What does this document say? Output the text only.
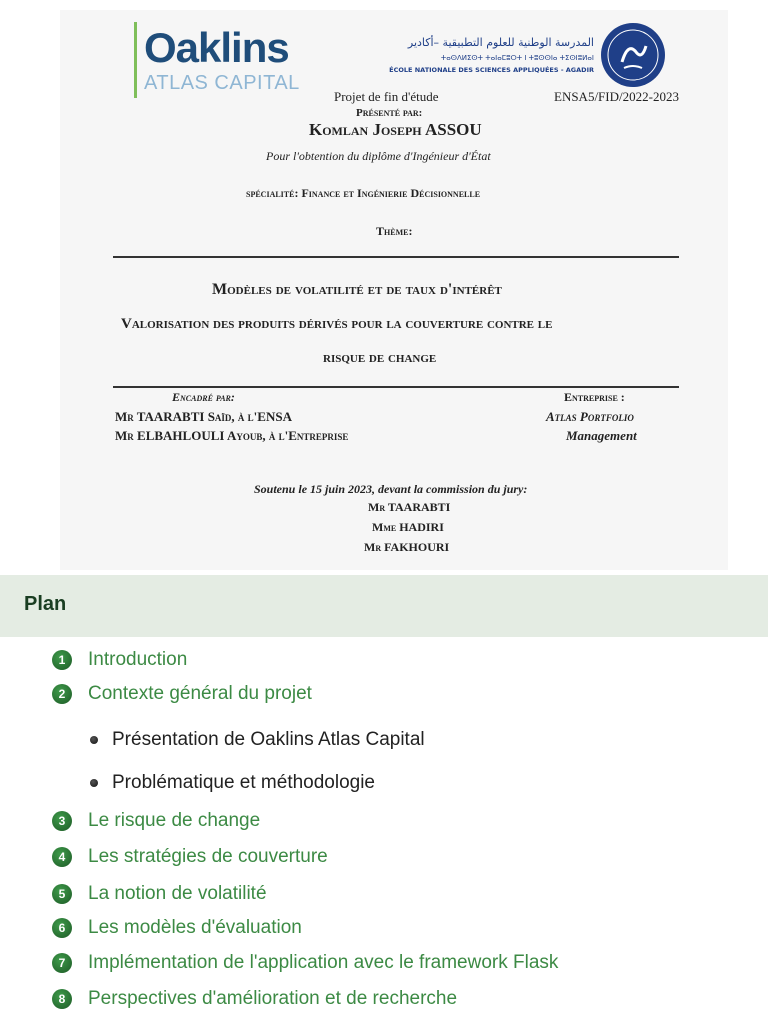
Oaklins
ATLAS CAPITAL
المدرسة الوطنية للعلوم التطبيقية –أكادير
ⵜⴰⵙⴷⵍⵉⵙⵜ ⵜⴰⵏⴰⵎⵓⵔⵜ ⵏ ⵜⵓⵙⵙⵏⴰ ⵜⵉⵙⵏⵓⵍⴰⵏ
ÉCOLE NATIONALE DES SCIENCES APPLIQUÉES - AGADIR
Projet de fin d'étude	ENSA5/FID/2022-2023
Présenté par:
Komlan Joseph ASSOU
Pour l'obtention du diplôme d'Ingénieur d'État
spécialité: Finance et Ingénierie Décisionnelle
Thème:
Modèles de volatilité et de taux d'intérêt
Valorisation des produits dérivés pour la couverture contre le
risque de change
Encadré par:
Mr TAARABTI Saïd, à l'ENSA
Mr ELBAHLOULI Ayoub, à l'Entreprise
Entreprise :
Atlas Portfolio
Management
Soutenu le 15 juin 2023, devant la commission du jury:
Mr TAARABTI
Mme HADIRI
Mr FAKHOURI
Plan
1	Introduction
2	Contexte général du projet
Présentation de Oaklins Atlas Capital
Problématique et méthodologie
3	Le risque de change
4	Les stratégies de couverture
5	La notion de volatilité
6	Les modèles d'évaluation
7	Implémentation de l'application avec le framework Flask
8	Perspectives d'amélioration et de recherche
